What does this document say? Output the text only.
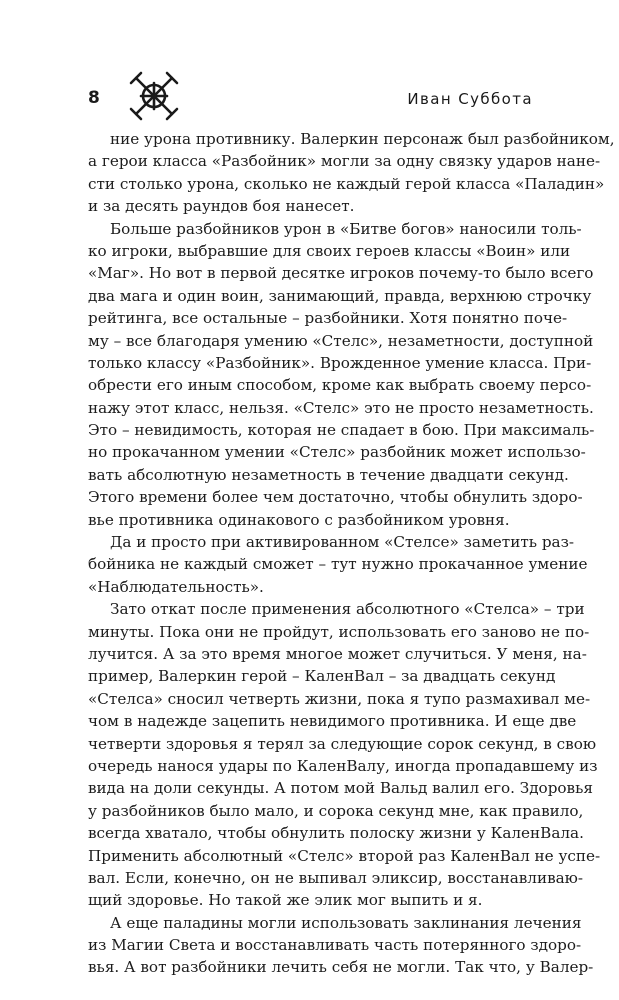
8	Иван Суббота
ние урона противнику. Валеркин персонаж был разбойником,
а герои класса «Разбойник» могли за одну связку ударов нане-
сти столько урона, сколько не каждый герой класса «Паладин»
и за десять раундов боя нанесет.
Больше разбойников урон в «Битве богов» наносили толь-
ко игроки, выбравшие для своих героев классы «Воин» или
«Маг». Но вот в первой десятке игроков почему-то было всего
два мага и один воин, занимающий, правда, верхнюю строчку
рейтинга, все остальные – разбойники. Хотя понятно поче-
му – все благодаря умению «Стелс», незаметности, доступной
только классу «Разбойник». Врожденное умение класса. При-
обрести его иным способом, кроме как выбрать своему персо-
нажу этот класс, нельзя. «Стелс» это не просто незаметность.
Это – невидимость, которая не спадает в бою. При максималь-
но прокачанном умении «Стелс» разбойник может использо-
вать абсолютную незаметность в течение двадцати секунд.
Этого времени более чем достаточно, чтобы обнулить здоро-
вье противника одинакового с разбойником уровня.
Да и просто при активированном «Стелсе» заметить раз-
бойника не каждый сможет – тут нужно прокачанное умение
«Наблюдательность».
Зато откат после применения абсолютного «Стелса» – три
минуты. Пока они не пройдут, использовать его заново не по-
лучится. А за это время многое может случиться. У меня, на-
пример, Валеркин герой – КаленВал – за двадцать секунд
«Стелса» сносил четверть жизни, пока я тупо размахивал ме-
чом в надежде зацепить невидимого противника. И еще две
четверти здоровья я терял за следующие сорок секунд, в свою
очередь нанося удары по КаленВалу, иногда пропадавшему из
вида на доли секунды. А потом мой Вальд валил его. Здоровья
у разбойников было мало, и сорока секунд мне, как правило,
всегда хватало, чтобы обнулить полоску жизни у КаленВала.
Применить абсолютный «Стелс» второй раз КаленВал не успе-
вал. Если, конечно, он не выпивал эликсир, восстанавливаю-
щий здоровье. Но такой же элик мог выпить и я.
А еще паладины могли использовать заклинания лечения
из Магии Света и восстанавливать часть потерянного здоро-
вья. А вот разбойники лечить себя не могли. Так что, у Валер-
